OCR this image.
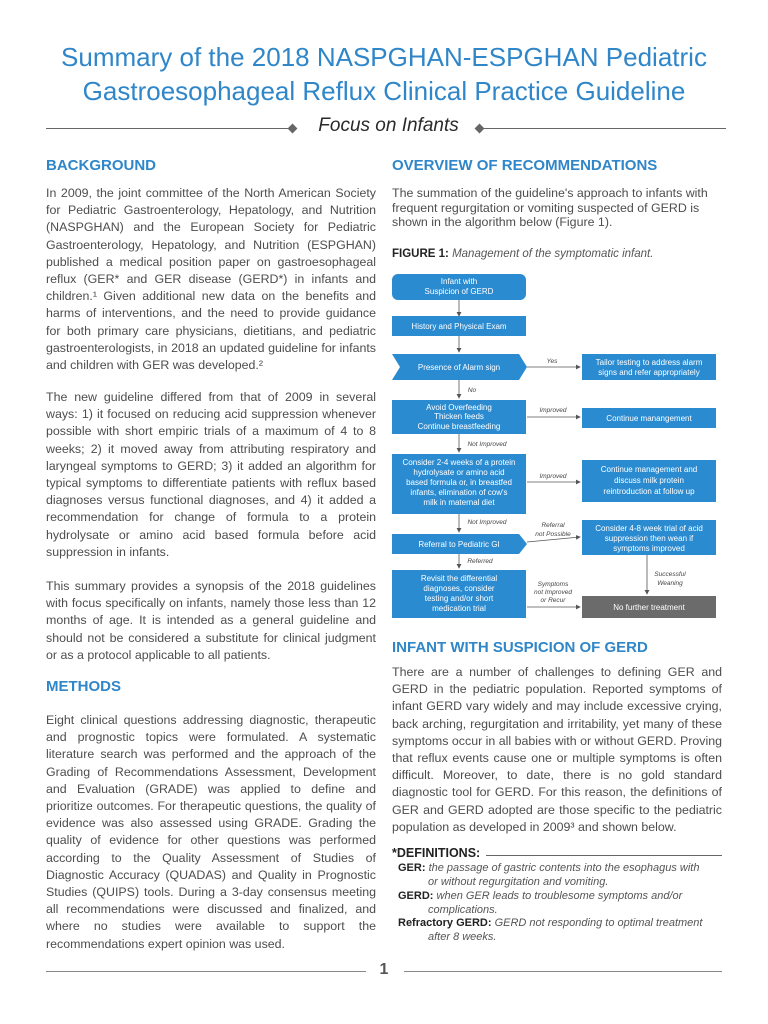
Summary of the 2018 NASPGHAN-ESPGHAN Pediatric
Gastroesophageal Reflux Clinical Practice Guideline
Focus on Infants
BACKGROUND

In 2009, the joint committee of the North American Society for Pediatric Gastroenterology, Hepatology, and Nutrition (NASPGHAN) and the European Society for Pediatric Gastroenterology, Hepatology, and Nutrition (ESPGHAN) published a medical position paper on gastroesophageal reflux (GER* and GER disease (GERD*) in infants and children.¹ Given additional new data on the benefits and harms of interventions, and the need to provide guidance for both primary care physicians, dietitians, and pediatric gastroenterologists, in 2018 an updated guideline for infants and children with GER was developed.²

The new guideline differed from that of 2009 in several ways: 1) it focused on reducing acid suppression whenever possible with short empiric trials of a maximum of 4 to 8 weeks; 2) it moved away from attributing respiratory and laryngeal symptoms to GERD; 3) it added an algorithm for typical symptoms to differentiate patients with reflux based diagnoses versus functional diagnoses, and 4) it added a recommendation for change of formula to a protein hydrolysate or amino acid based formula before acid suppression in infants.

This summary provides a synopsis of the 2018 guidelines with focus specifically on infants, namely those less than 12 months of age. It is intended as a general guideline and should not be considered a substitute for clinical judgment or as a protocol applicable to all patients.

METHODS

Eight clinical questions addressing diagnostic, therapeutic and prognostic topics were formulated. A systematic literature search was performed and the approach of the Grading of Recommendations Assessment, Development and Evaluation (GRADE) was applied to define and prioritize outcomes. For therapeutic questions, the quality of evidence was also assessed using GRADE. Grading the quality of evidence for other questions was performed according to the Quality Assessment of Studies of Diagnostic Accuracy (QUADAS) and Quality in Prognostic Studies (QUIPS) tools. During a 3-day consensus meeting all recommendations were discussed and finalized, and where no studies were available to support the recommendations expert opinion was used.

OVERVIEW OF RECOMMENDATIONS

The summation of the guideline's approach to infants with frequent regurgitation or vomiting suspected of GERD is shown in the algorithm below (Figure 1).

FIGURE 1: Management of the symptomatic infant.
Infant with
Suspicion of GERD
History and Physical Exam
Presence of Alarm sign
Yes	Tailor testing to address alarm
signs and refer appropriately
No
Avoid Overfeeding
Thicken feeds
Continue breastfeeding
Improved
Continue manangement
Not Improved
Consider 2-4 weeks of a protein
hydrolysate or amino acid
based formula or, in breastfed
infants, elimination of cow's
milk in maternal diet
Improved
Continue management and
discuss milk protein
reintroduction at follow up
Not Improved
Referral to Pediatric GI
Referral
not Possible
Consider 4-8 week trial of acid
suppression then wean if
symptoms improved
Referred
Successful
Weaning
Revisit the differential
diagnoses, consider
testing and/or short
medication trial
Symptoms
not Improved
or Recur
No further treatment
INFANT WITH SUSPICION OF GERD

There are a number of challenges to defining GER and GERD in the pediatric population. Reported symptoms of infant GERD vary widely and may include excessive crying, back arching, regurgitation and irritability, yet many of these symptoms occur in all babies with or without GERD. Proving that reflux events cause one or multiple symptoms is often difficult. Moreover, to date, there is no gold standard diagnostic tool for GERD. For this reason, the definitions of GER and GERD adopted are those specific to the pediatric population as developed in 2009³ and shown below.

*DEFINITIONS:
GER: the passage of gastric contents into the esophagus with
or without regurgitation and vomiting.
GERD: when GER leads to troublesome symptoms and/or
complications.
Refractory GERD: GERD not responding to optimal treatment
after 8 weeks.
1
